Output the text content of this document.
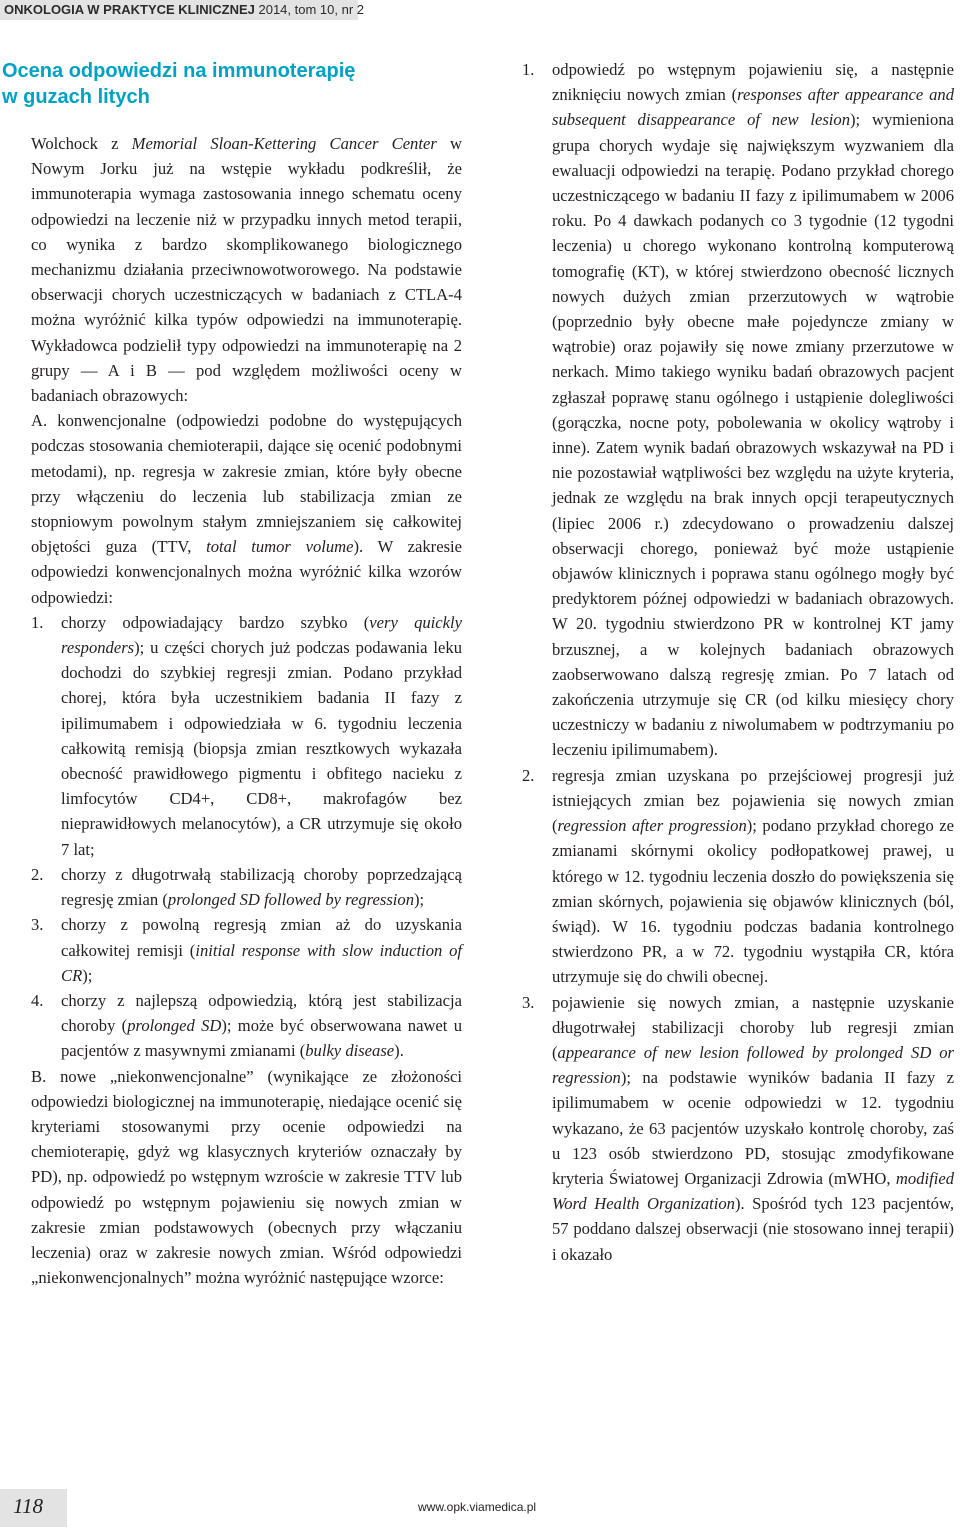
ONKOLOGIA W PRAKTYCE KLINICZNEJ 2014, tom 10, nr 2
Ocena odpowiedzi na immunoterapię
w guzach litych

Wolchock z Memorial Sloan-Kettering Cancer Center w Nowym Jorku już na wstępie wykładu podkreślił, że immunoterapia wymaga zastosowania innego schematu oceny odpowiedzi na leczenie niż w przypadku innych metod terapii, co wynika z bardzo skomplikowanego biologicznego mechanizmu działania przeciwnowotworowego. Na podstawie obserwacji chorych uczestniczących w badaniach z CTLA-4 można wyróżnić kilka typów odpowiedzi na immunoterapię. Wykładowca podzielił typy odpowiedzi na immunoterapię na 2 grupy — A i B — pod względem możliwości oceny w badaniach obrazowych:

A. konwencjonalne (odpowiedzi podobne do występujących podczas stosowania chemioterapii, dające się ocenić podobnymi metodami), np. regresja w zakresie zmian, które były obecne przy włączeniu do leczenia lub stabilizacja zmian ze stopniowym powolnym stałym zmniejszaniem się całkowitej objętości guza (TTV, total tumor volume). W zakresie odpowiedzi konwencjonalnych można wyróżnić kilka wzorów odpowiedzi:

1. chorzy odpowiadający bardzo szybko (very quickly responders); u części chorych już podczas podawania leku dochodzi do szybkiej regresji zmian. Podano przykład chorej, która była uczestnikiem badania II fazy z ipilimumabem i odpowiedziała w 6. tygodniu leczenia całkowitą remisją (biopsja zmian resztkowych wykazała obecność prawidłowego pigmentu i obfitego nacieku z limfocytów CD4+, CD8+, makrofagów bez nieprawidłowych melanocytów), a CR utrzymuje się około 7 lat;
2. chorzy z długotrwałą stabilizacją choroby poprzedzającą regresję zmian (prolonged SD followed by regression);
3. chorzy z powolną regresją zmian aż do uzyskania całkowitej remisji (initial response with slow induction of CR);
4. chorzy z najlepszą odpowiedzią, którą jest stabilizacja choroby (prolonged SD); może być obserwowana nawet u pacjentów z masywnymi zmianami (bulky disease).

B. nowe „niekonwencjonalne” (wynikające ze złożoności odpowiedzi biologicznej na immunoterapię, niedające ocenić się kryteriami stosowanymi przy ocenie odpowiedzi na chemioterapię, gdyż wg klasycznych kryteriów oznaczały by PD), np. odpowiedź po wstępnym wzroście w zakresie TTV lub odpowiedź po wstępnym pojawieniu się nowych zmian w zakresie zmian podstawowych (obecnych przy włączaniu leczenia) oraz w zakresie nowych zmian. Wśród odpowiedzi „niekonwencjonalnych” można wyróżnić następujące wzorce:

1. odpowiedź po wstępnym pojawieniu się, a następnie zniknięciu nowych zmian (responses after appearance and subsequent disappearance of new lesion); wymieniona grupa chorych wydaje się największym wyzwaniem dla ewaluacji odpowiedzi na terapię. Podano przykład chorego uczestniczącego w badaniu II fazy z ipilimumabem w 2006 roku. Po 4 dawkach podanych co 3 tygodnie (12 tygodni leczenia) u chorego wykonano kontrolną komputerową tomografię (KT), w której stwierdzono obecność licznych nowych dużych zmian przerzutowych w wątrobie (poprzednio były obecne małe pojedyncze zmiany w wątrobie) oraz pojawiły się nowe zmiany przerzutowe w nerkach. Mimo takiego wyniku badań obrazowych pacjent zgłaszał poprawę stanu ogólnego i ustąpienie dolegliwości (gorączka, nocne poty, pobolewania w okolicy wątroby i inne). Zatem wynik badań obrazowych wskazywał na PD i nie pozostawiał wątpliwości bez względu na użyte kryteria, jednak ze względu na brak innych opcji terapeutycznych (lipiec 2006 r.) zdecydowano o prowadzeniu dalszej obserwacji chorego, ponieważ być może ustąpienie objawów klinicznych i poprawa stanu ogólnego mogły być predyktorem późnej odpowiedzi w badaniach obrazowych. W 20. tygodniu stwierdzono PR w kontrolnej KT jamy brzusznej, a w kolejnych badaniach obrazowych zaobserwowano dalszą regresję zmian. Po 7 latach od zakończenia utrzymuje się CR (od kilku miesięcy chory uczestniczy w badaniu z niwolumabem w podtrzymaniu po leczeniu ipilimumabem).
2. regresja zmian uzyskana po przejściowej progresji już istniejących zmian bez pojawienia się nowych zmian (regression after progression); podano przykład chorego ze zmianami skórnymi okolicy podłopatkowej prawej, u którego w 12. tygodniu leczenia doszło do powiększenia się zmian skórnych, pojawienia się objawów klinicznych (ból, świąd). W 16. tygodniu podczas badania kontrolnego stwierdzono PR, a w 72. tygodniu wystąpiła CR, która utrzymuje się do chwili obecnej.
3. pojawienie się nowych zmian, a następnie uzyskanie długotrwałej stabilizacji choroby lub regresji zmian (appearance of new lesion followed by prolonged SD or regression); na podstawie wyników badania II fazy z ipilimumabem w ocenie odpowiedzi w 12. tygodniu wykazano, że 63 pacjentów uzyskało kontrolę choroby, zaś u 123 osób stwierdzono PD, stosując zmodyfikowane kryteria Światowej Organizacji Zdrowia (mWHO, modified Word Health Organization). Spośród tych 123 pacjentów, 57 poddano dalszej obserwacji (nie stosowano innej terapii) i okazało
118	www.opk.viamedica.pl
